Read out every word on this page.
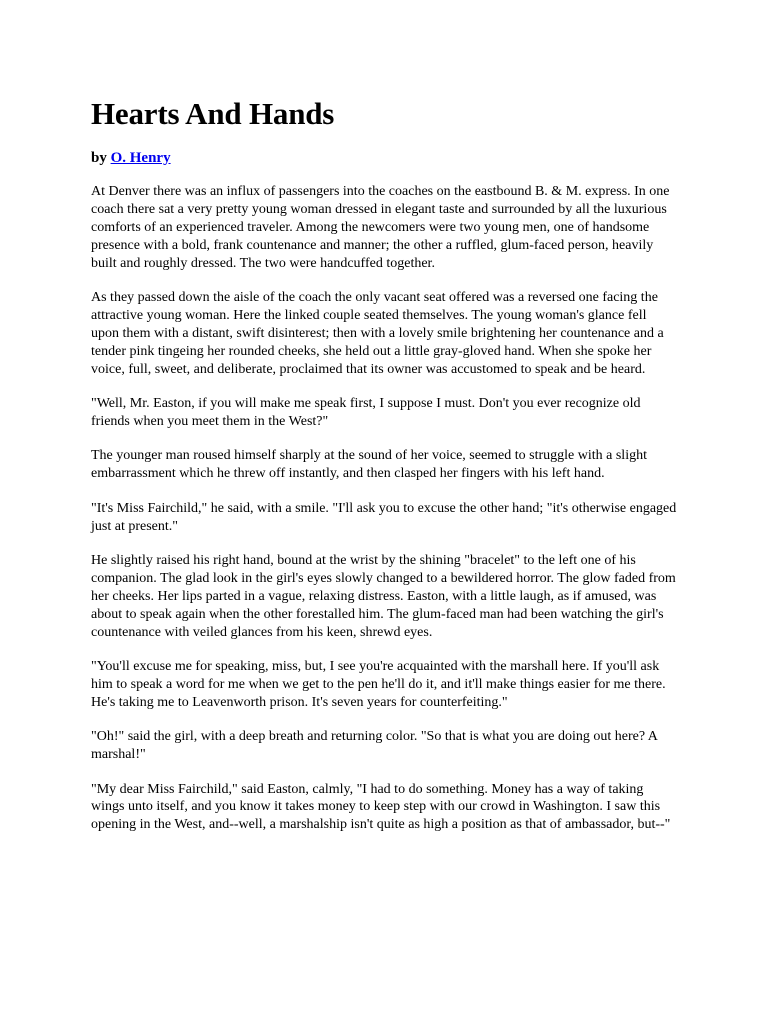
Hearts And Hands
by O. Henry

At Denver there was an influx of passengers into the coaches on the eastbound B. & M. express. In one coach there sat a very pretty young woman dressed in elegant taste and surrounded by all the luxurious comforts of an experienced traveler. Among the newcomers were two young men, one of handsome presence with a bold, frank countenance and manner; the other a ruffled, glum-faced person, heavily built and roughly dressed. The two were handcuffed together.

As they passed down the aisle of the coach the only vacant seat offered was a reversed one facing the attractive young woman. Here the linked couple seated themselves. The young woman's glance fell upon them with a distant, swift disinterest; then with a lovely smile brightening her countenance and a tender pink tingeing her rounded cheeks, she held out a little gray-gloved hand. When she spoke her voice, full, sweet, and deliberate, proclaimed that its owner was accustomed to speak and be heard.

"Well, Mr. Easton, if you will make me speak first, I suppose I must. Don't you ever recognize old friends when you meet them in the West?"

The younger man roused himself sharply at the sound of her voice, seemed to struggle with a slight embarrassment which he threw off instantly, and then clasped her fingers with his left hand.

"It's Miss Fairchild," he said, with a smile. "I'll ask you to excuse the other hand; "it's otherwise engaged just at present."

He slightly raised his right hand, bound at the wrist by the shining "bracelet" to the left one of his companion. The glad look in the girl's eyes slowly changed to a bewildered horror. The glow faded from her cheeks. Her lips parted in a vague, relaxing distress. Easton, with a little laugh, as if amused, was about to speak again when the other forestalled him. The glum-faced man had been watching the girl's countenance with veiled glances from his keen, shrewd eyes.

"You'll excuse me for speaking, miss, but, I see you're acquainted with the marshall here. If you'll ask him to speak a word for me when we get to the pen he'll do it, and it'll make things easier for me there. He's taking me to Leavenworth prison. It's seven years for counterfeiting."

"Oh!" said the girl, with a deep breath and returning color. "So that is what you are doing out here? A marshal!"

"My dear Miss Fairchild," said Easton, calmly, "I had to do something. Money has a way of taking wings unto itself, and you know it takes money to keep step with our crowd in Washington. I saw this opening in the West, and--well, a marshalship isn't quite as high a position as that of ambassador, but--"
